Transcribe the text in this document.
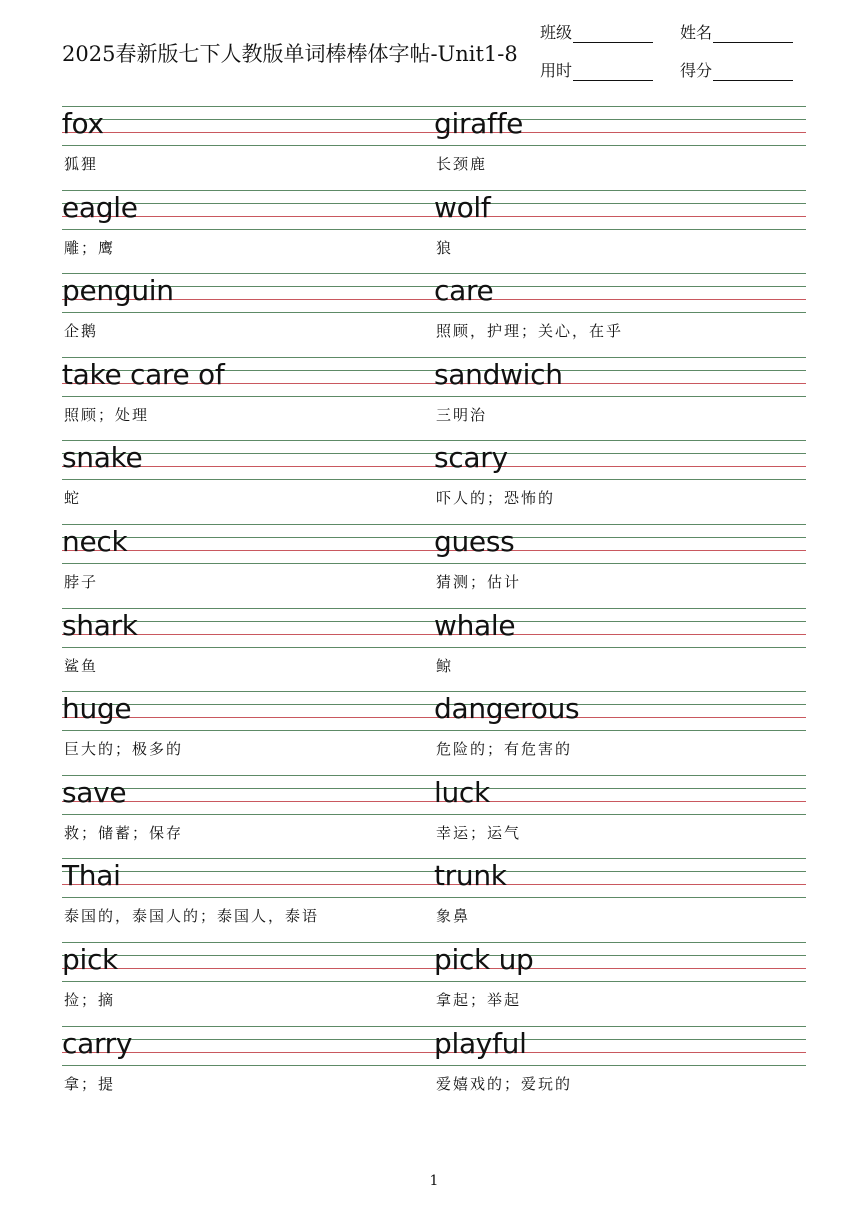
2025春新版七下人教版单词棒棒体字帖-Unit1-8
班级	姓名
用时	得分
fox
狐狸
giraffe
长颈鹿
eagle
雕；鹰
wolf
狼
penguin
企鹅
care
照顾，护理；关心，在乎
take care of
照顾；处理
sandwich
三明治
snake
蛇
scary
吓人的；恐怖的
neck
脖子
guess
猜测；估计
shark
鲨鱼
whale
鲸
huge
巨大的；极多的
dangerous
危险的；有危害的
save
救；储蓄；保存
luck
幸运；运气
Thai
泰国的，泰国人的；泰国人，泰语
trunk
象鼻
pick
捡；摘
pick up
拿起；举起
carry
拿；提
playful
爱嬉戏的；爱玩的
1
